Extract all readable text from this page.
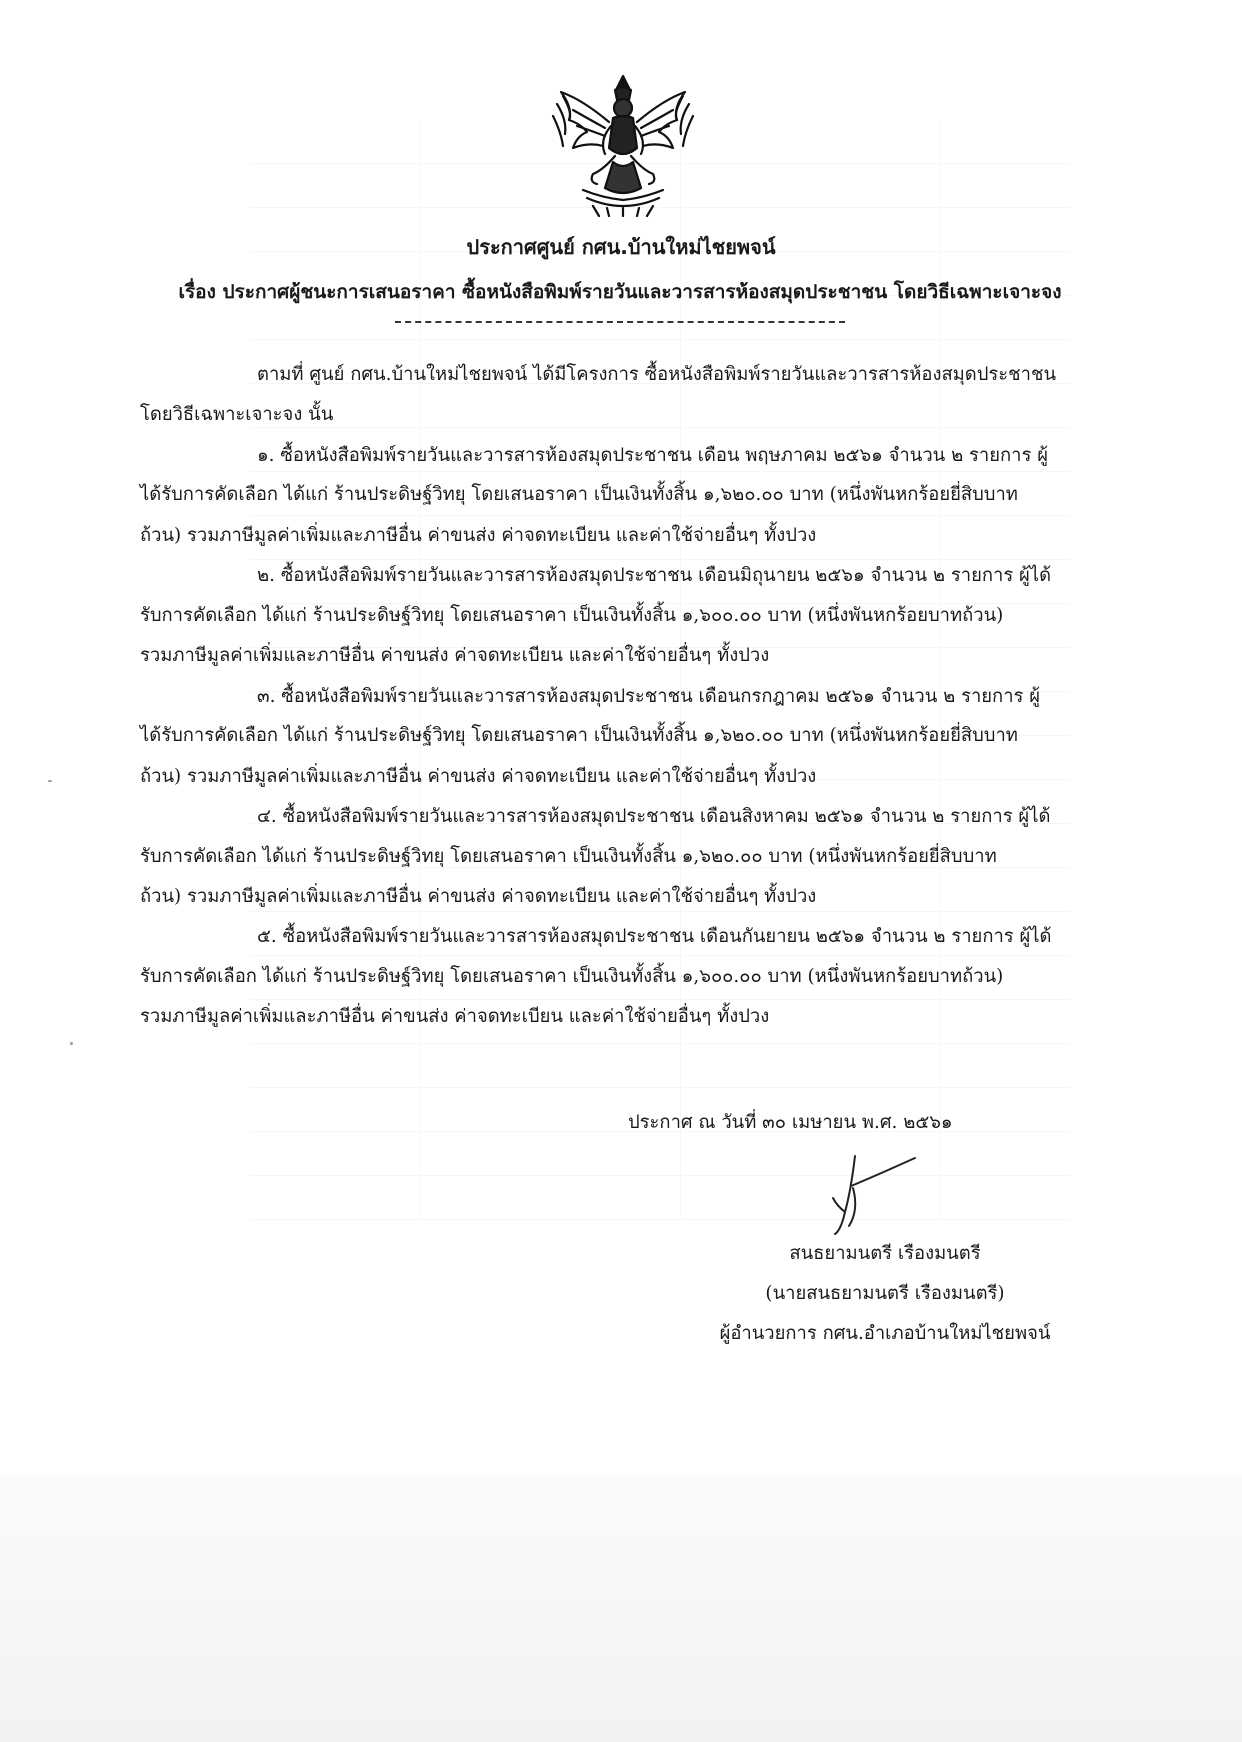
ประกาศศูนย์ กศน.บ้านใหม่ไชยพจน์
เรื่อง ประกาศผู้ชนะการเสนอราคา ซื้อหนังสือพิมพ์รายวันและวารสารห้องสมุดประชาชน โดยวิธีเฉพาะเจาะจง
ตามที่ ศูนย์ กศน.บ้านใหม่ไชยพจน์ ได้มีโครงการ ซื้อหนังสือพิมพ์รายวันและวารสารห้องสมุดประชาชน
โดยวิธีเฉพาะเจาะจง นั้น
๑. ซื้อหนังสือพิมพ์รายวันและวารสารห้องสมุดประชาชน เดือน พฤษภาคม ๒๕๖๑ จำนวน ๒ รายการ ผู้
ได้รับการคัดเลือก ได้แก่ ร้านประดิษฐ์วิทยุ โดยเสนอราคา เป็นเงินทั้งสิ้น ๑,๖๒๐.๐๐ บาท (หนึ่งพันหกร้อยยี่สิบบาท
ถ้วน) รวมภาษีมูลค่าเพิ่มและภาษีอื่น ค่าขนส่ง ค่าจดทะเบียน และค่าใช้จ่ายอื่นๆ ทั้งปวง
๒. ซื้อหนังสือพิมพ์รายวันและวารสารห้องสมุดประชาชน เดือนมิถุนายน ๒๕๖๑ จำนวน ๒ รายการ ผู้ได้
รับการคัดเลือก ได้แก่ ร้านประดิษฐ์วิทยุ โดยเสนอราคา เป็นเงินทั้งสิ้น ๑,๖๐๐.๐๐ บาท (หนึ่งพันหกร้อยบาทถ้วน)
รวมภาษีมูลค่าเพิ่มและภาษีอื่น ค่าขนส่ง ค่าจดทะเบียน และค่าใช้จ่ายอื่นๆ ทั้งปวง
๓. ซื้อหนังสือพิมพ์รายวันและวารสารห้องสมุดประชาชน เดือนกรกฎาคม ๒๕๖๑ จำนวน ๒ รายการ ผู้
ได้รับการคัดเลือก ได้แก่ ร้านประดิษฐ์วิทยุ โดยเสนอราคา เป็นเงินทั้งสิ้น ๑,๖๒๐.๐๐ บาท (หนึ่งพันหกร้อยยี่สิบบาท
ถ้วน) รวมภาษีมูลค่าเพิ่มและภาษีอื่น ค่าขนส่ง ค่าจดทะเบียน และค่าใช้จ่ายอื่นๆ ทั้งปวง
๔. ซื้อหนังสือพิมพ์รายวันและวารสารห้องสมุดประชาชน เดือนสิงหาคม ๒๕๖๑ จำนวน ๒ รายการ ผู้ได้
รับการคัดเลือก ได้แก่ ร้านประดิษฐ์วิทยุ โดยเสนอราคา เป็นเงินทั้งสิ้น ๑,๖๒๐.๐๐ บาท (หนึ่งพันหกร้อยยี่สิบบาท
ถ้วน) รวมภาษีมูลค่าเพิ่มและภาษีอื่น ค่าขนส่ง ค่าจดทะเบียน และค่าใช้จ่ายอื่นๆ ทั้งปวง
๕. ซื้อหนังสือพิมพ์รายวันและวารสารห้องสมุดประชาชน เดือนกันยายน ๒๕๖๑ จำนวน ๒ รายการ ผู้ได้
รับการคัดเลือก ได้แก่ ร้านประดิษฐ์วิทยุ โดยเสนอราคา เป็นเงินทั้งสิ้น ๑,๖๐๐.๐๐ บาท (หนึ่งพันหกร้อยบาทถ้วน)
รวมภาษีมูลค่าเพิ่มและภาษีอื่น ค่าขนส่ง ค่าจดทะเบียน และค่าใช้จ่ายอื่นๆ ทั้งปวง
ประกาศ ณ วันที่ ๓๐ เมษายน พ.ศ. ๒๕๖๑
สนธยามนตรี เรืองมนตรี
(นายสนธยามนตรี เรืองมนตรี)
ผู้อำนวยการ กศน.อำเภอบ้านใหม่ไชยพจน์
